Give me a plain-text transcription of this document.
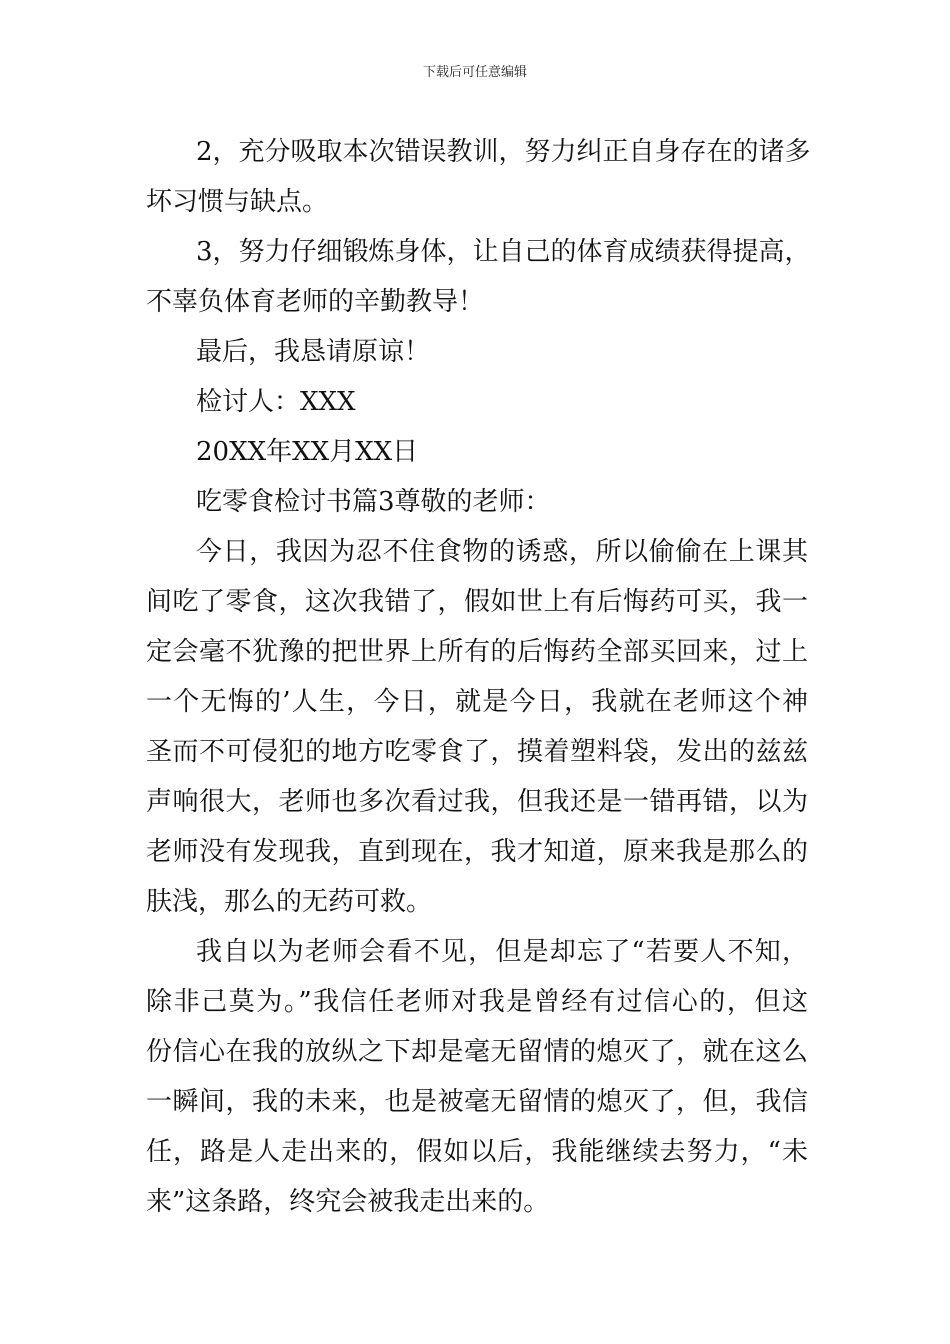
下载后可任意编辑
2，充分吸取本次错误教训，努力纠正自身存在的诸多
坏习惯与缺点。
3，努力仔细锻炼身体，让自己的体育成绩获得提高，
不辜负体育老师的辛勤教导！
最后，我恳请原谅！
检讨人：XXX
20XX年XX月XX日
吃零食检讨书篇3尊敬的老师：
今日，我因为忍不住食物的诱惑，所以偷偷在上课其
间吃了零食，这次我错了，假如世上有后悔药可买，我一
定会毫不犹豫的把世界上所有的后悔药全部买回来，过上
一个无悔的’人生，今日，就是今日，我就在老师这个神
圣而不可侵犯的地方吃零食了，摸着塑料袋，发出的兹兹
声响很大，老师也多次看过我，但我还是一错再错，以为
老师没有发现我，直到现在，我才知道，原来我是那么的
肤浅，那么的无药可救。
我自以为老师会看不见，但是却忘了“若要人不知，
除非己莫为。”我信任老师对我是曾经有过信心的，但这
份信心在我的放纵之下却是毫无留情的熄灭了，就在这么
一瞬间，我的未来，也是被毫无留情的熄灭了，但，我信
任，路是人走出来的，假如以后，我能继续去努力，“未
来”这条路，终究会被我走出来的。
